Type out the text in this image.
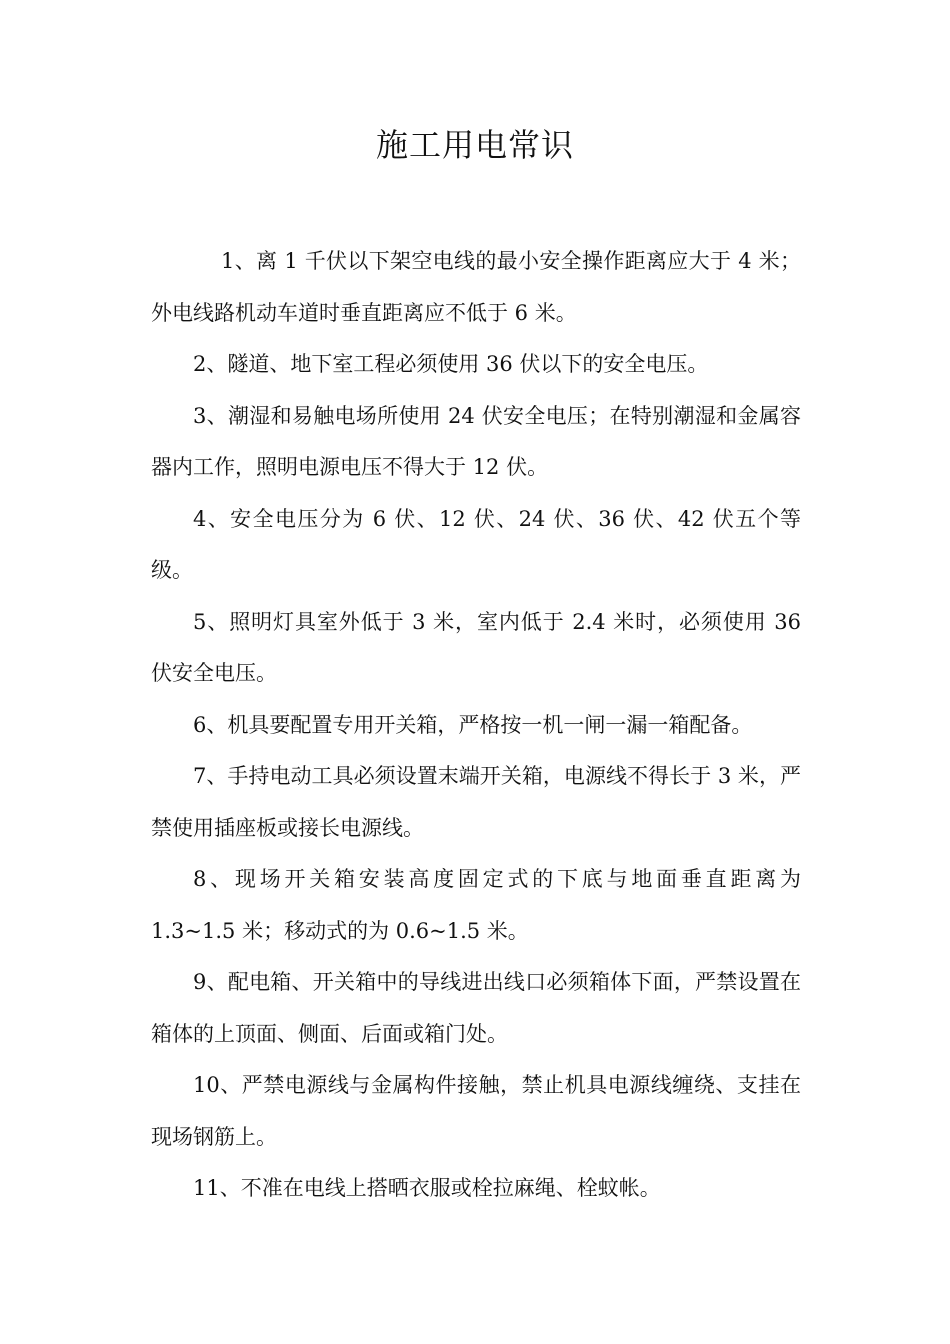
施工用电常识

1、离 1 千伏以下架空电线的最小安全操作距离应大于 4 米；外电线路机动车道时垂直距离应不低于 6 米。

2、隧道、地下室工程必须使用 36 伏以下的安全电压。

3、潮湿和易触电场所使用 24 伏安全电压；在特别潮湿和金属容器内工作，照明电源电压不得大于 12 伏。

4、安全电压分为 6 伏、12 伏、24 伏、36 伏、42 伏五个等级。

5、照明灯具室外低于 3 米，室内低于 2.4 米时，必须使用 36 伏安全电压。

6、机具要配置专用开关箱，严格按一机一闸一漏一箱配备。

7、手持电动工具必须设置末端开关箱，电源线不得长于 3 米，严禁使用插座板或接长电源线。

8、现场开关箱安装高度固定式的下底与地面垂直距离为 1.3~1.5 米；移动式的为 0.6~1.5 米。

9、配电箱、开关箱中的导线进出线口必须箱体下面，严禁设置在箱体的上顶面、侧面、后面或箱门处。

10、严禁电源线与金属构件接触，禁止机具电源线缠绕、支挂在现场钢筋上。

11、不准在电线上搭晒衣服或栓拉麻绳、栓蚊帐。
